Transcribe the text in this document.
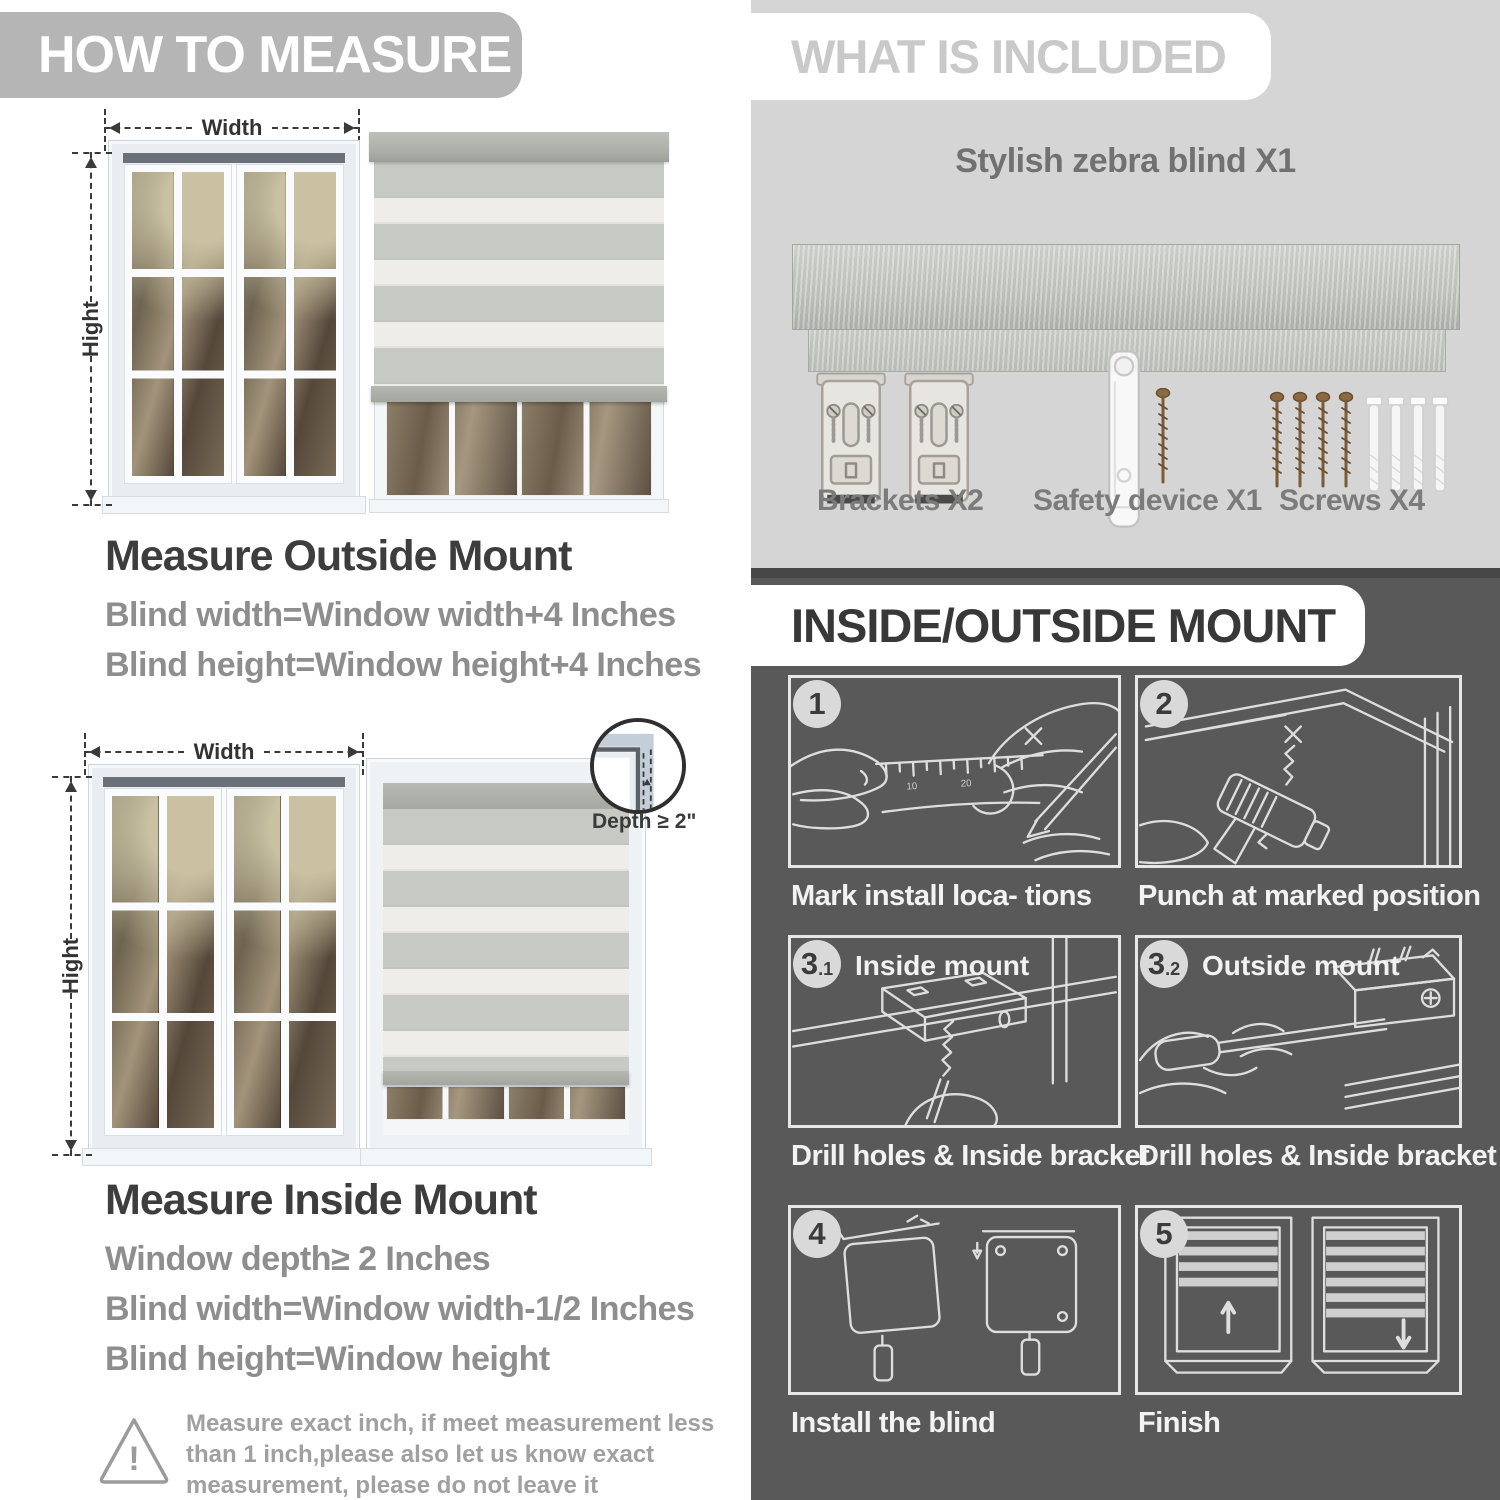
HOW TO MEASURE
Width
Hight
Measure Outside Mount
Blind width=Window width+4 Inches
Blind height=Window height+4 Inches
Width
Hight
Depth ≥ 2"
Measure Inside Mount
Window depth≥ 2 Inches
Blind width=Window width-1/2 Inches
Blind height=Window height
!
Measure exact inch, if meet measurement less
than 1 inch,please also let us know exact
measurement, please do not leave it
WHAT IS INCLUDED
Stylish zebra blind X1
Brackets X2 Safety device X1 Screws X4
INSIDE/OUTSIDE MOUNT
10	20
1
Mark install loca- tions
2
Punch at marked position
3 .1 Inside mount
Drill holes & Inside bracket
3 .2 Outside mount
Drill holes & Inside bracket
4
Install the blind
5
Finish
